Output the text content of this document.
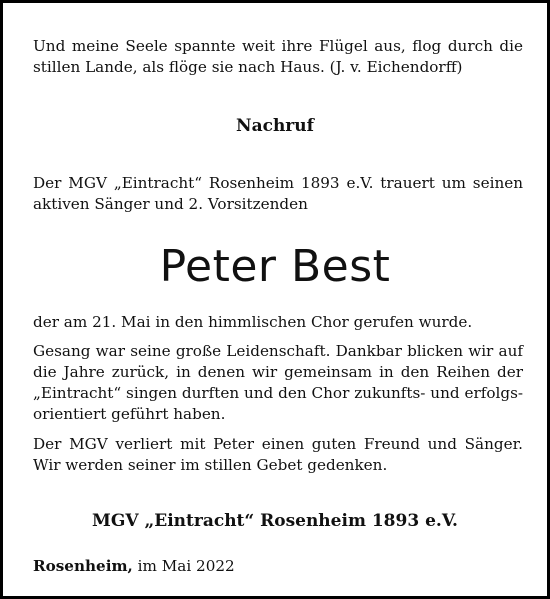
Und meine Seele spannte weit ihre Flügel aus, flog durch die stillen Lande, als flöge sie nach Haus. (J. v. Eichendorff)

Nachruf

Der MGV „Eintracht“ Rosenheim 1893 e.V. trauert um seinen aktiven Sänger und 2. Vorsitzenden

Peter Best

der am 21. Mai in den himmlischen Chor gerufen wurde.

Gesang war seine große Leidenschaft. Dankbar blicken wir auf die Jahre zurück, in denen wir gemeinsam in den Reihen der „Eintracht“ singen durften und den Chor zukunfts- und erfolgsorientiert geführt haben.

Der MGV verliert mit Peter einen guten Freund und Sänger. Wir werden seiner im stillen Gebet gedenken.

MGV „Eintracht“ Rosenheim 1893 e.V.

Rosenheim, im Mai 2022
